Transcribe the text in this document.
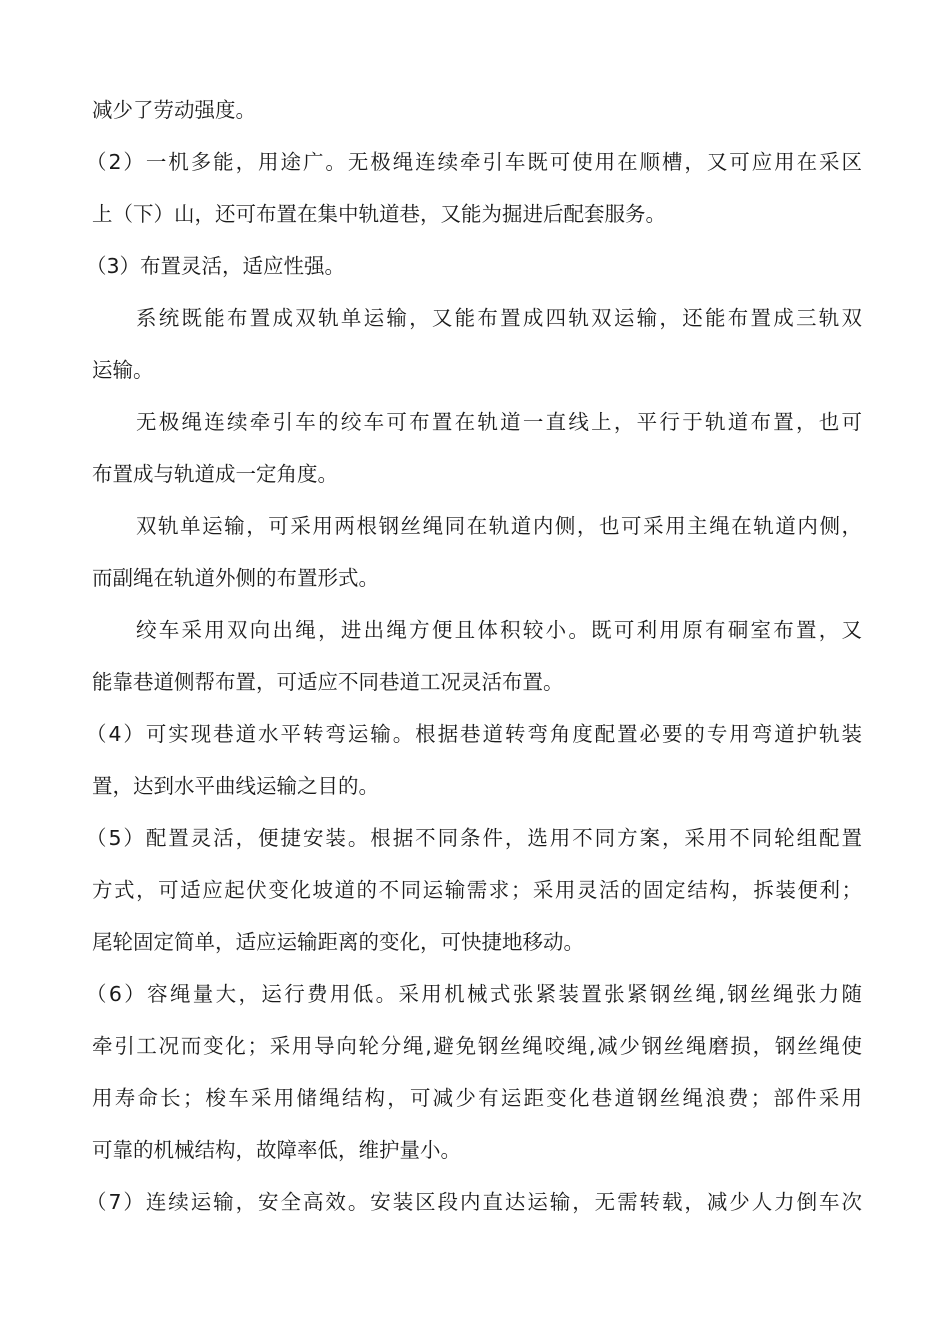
减少了劳动强度。
（2）一机多能，用途广。无极绳连续牵引车既可使用在顺槽，又可应用在采区
上（下）山，还可布置在集中轨道巷，又能为掘进后配套服务。
（3）布置灵活，适应性强。
系统既能布置成双轨单运输，又能布置成四轨双运输，还能布置成三轨双
运输。
无极绳连续牵引车的绞车可布置在轨道一直线上，平行于轨道布置，也可
布置成与轨道成一定角度。
双轨单运输，可采用两根钢丝绳同在轨道内侧，也可采用主绳在轨道内侧，
而副绳在轨道外侧的布置形式。
绞车采用双向出绳，进出绳方便且体积较小。既可利用原有硐室布置，又
能靠巷道侧帮布置，可适应不同巷道工况灵活布置。
（4）可实现巷道水平转弯运输。根据巷道转弯角度配置必要的专用弯道护轨装
置，达到水平曲线运输之目的。
（5）配置灵活，便捷安装。根据不同条件，选用不同方案，采用不同轮组配置
方式，可适应起伏变化坡道的不同运输需求；采用灵活的固定结构，拆装便利；
尾轮固定简单，适应运输距离的变化，可快捷地移动。
（6）容绳量大，运行费用低。采用机械式张紧装置张紧钢丝绳,钢丝绳张力随
牵引工况而变化；采用导向轮分绳,避免钢丝绳咬绳,减少钢丝绳磨损，钢丝绳使
用寿命长；梭车采用储绳结构，可减少有运距变化巷道钢丝绳浪费；部件采用
可靠的机械结构，故障率低，维护量小。
（7）连续运输，安全高效。安装区段内直达运输，无需转载，减少人力倒车次
